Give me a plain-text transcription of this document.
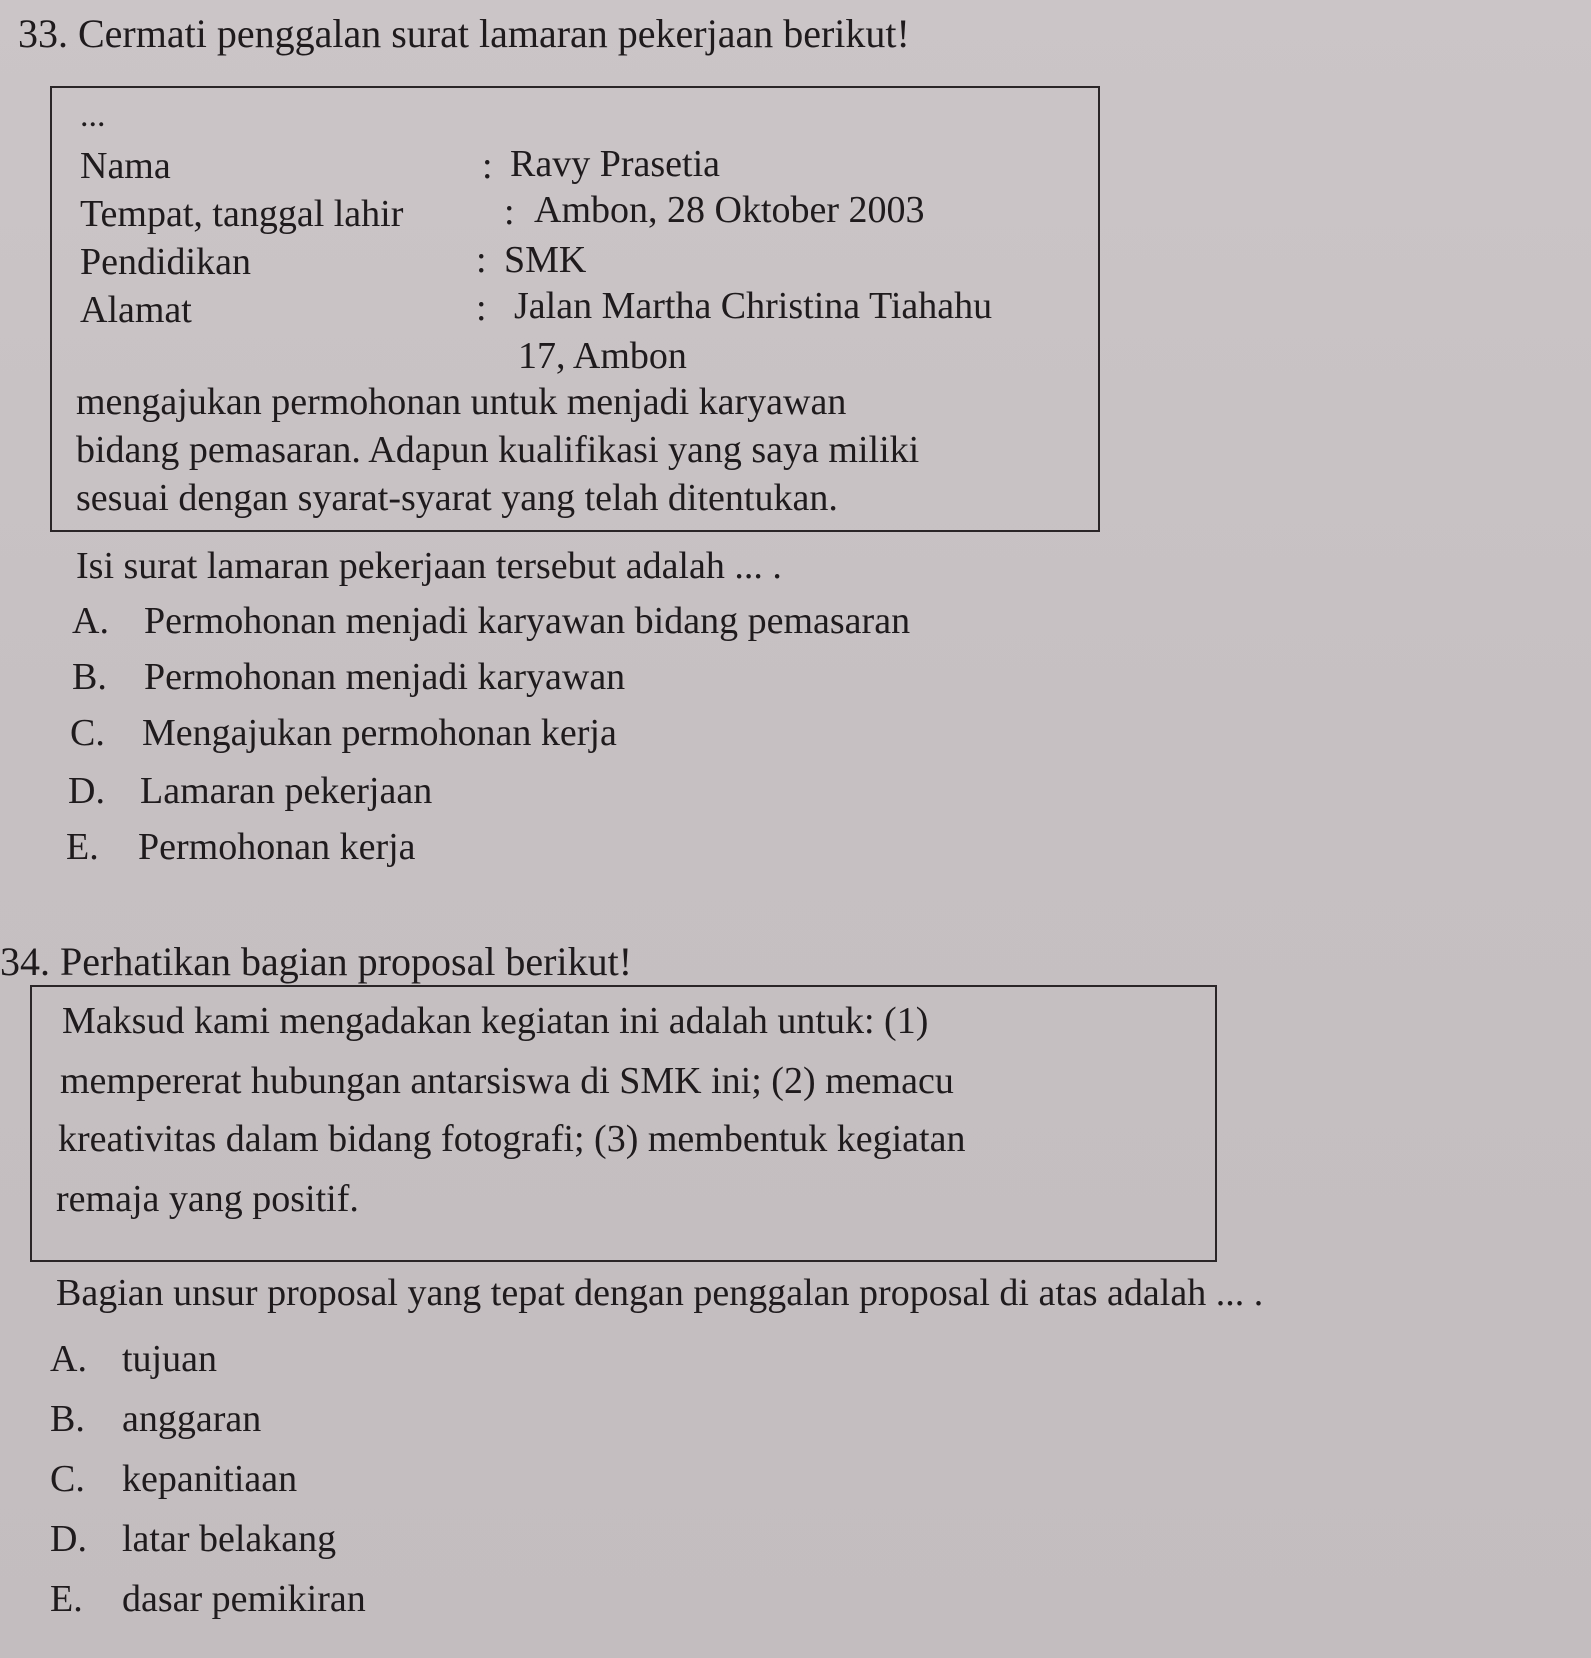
33. Cermati penggalan surat lamaran pekerjaan berikut!
...
Nama	: Ravy Prasetia
Tempat, tanggal lahir	: Ambon, 28 Oktober 2003
Pendidikan	: SMK
Alamat	: Jalan Martha Christina Tiahahu
17, Ambon
mengajukan permohonan untuk menjadi karyawan
bidang pemasaran. Adapun kualifikasi yang saya miliki
sesuai dengan syarat-syarat yang telah ditentukan.
Isi surat lamaran pekerjaan tersebut adalah ... .
A. Permohonan menjadi karyawan bidang pemasaran
B. Permohonan menjadi karyawan
C. Mengajukan permohonan kerja
D. Lamaran pekerjaan
E. Permohonan kerja
34. Perhatikan bagian proposal berikut!
Maksud kami mengadakan kegiatan ini adalah untuk: (1)
mempererat hubungan antarsiswa di SMK ini; (2) memacu
kreativitas dalam bidang fotografi; (3) membentuk kegiatan
remaja yang positif.
Bagian unsur proposal yang tepat dengan penggalan proposal di atas adalah ... .
A. tujuan
B. anggaran
C. kepanitiaan
D. latar belakang
E. dasar pemikiran
